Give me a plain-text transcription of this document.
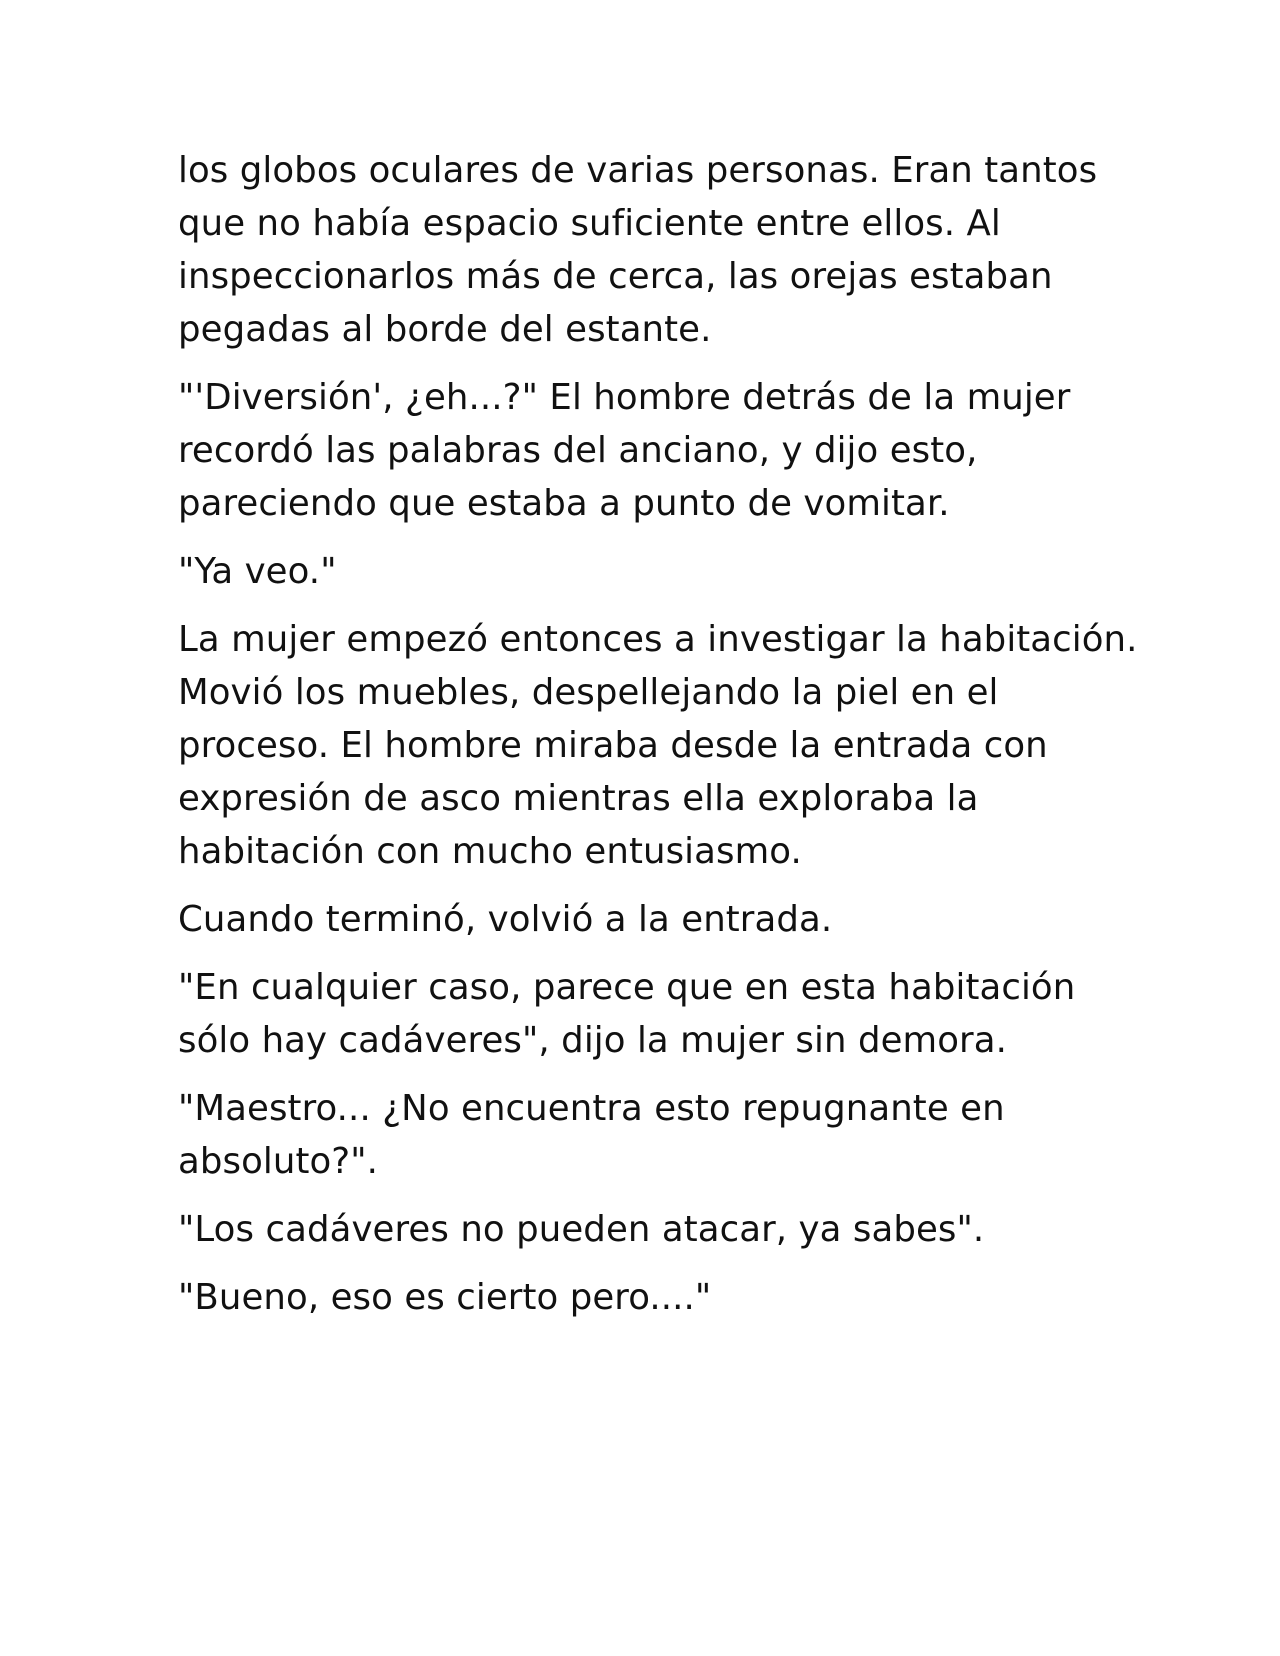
los globos oculares de varias personas. Eran tantos que no había espacio suficiente entre ellos. Al inspeccionarlos más de cerca, las orejas estaban pegadas al borde del estante.

"'Diversión', ¿eh...?" El hombre detrás de la mujer recordó las palabras del anciano, y dijo esto, pareciendo que estaba a punto de vomitar.

"Ya veo."

La mujer empezó entonces a investigar la habitación. Movió los muebles, despellejando la piel en el proceso. El hombre miraba desde la entrada con expresión de asco mientras ella exploraba la habitación con mucho entusiasmo.

Cuando terminó, volvió a la entrada.

"En cualquier caso, parece que en esta habitación sólo hay cadáveres", dijo la mujer sin demora.

"Maestro... ¿No encuentra esto repugnante en absoluto?".

"Los cadáveres no pueden atacar, ya sabes".

"Bueno, eso es cierto pero...."
